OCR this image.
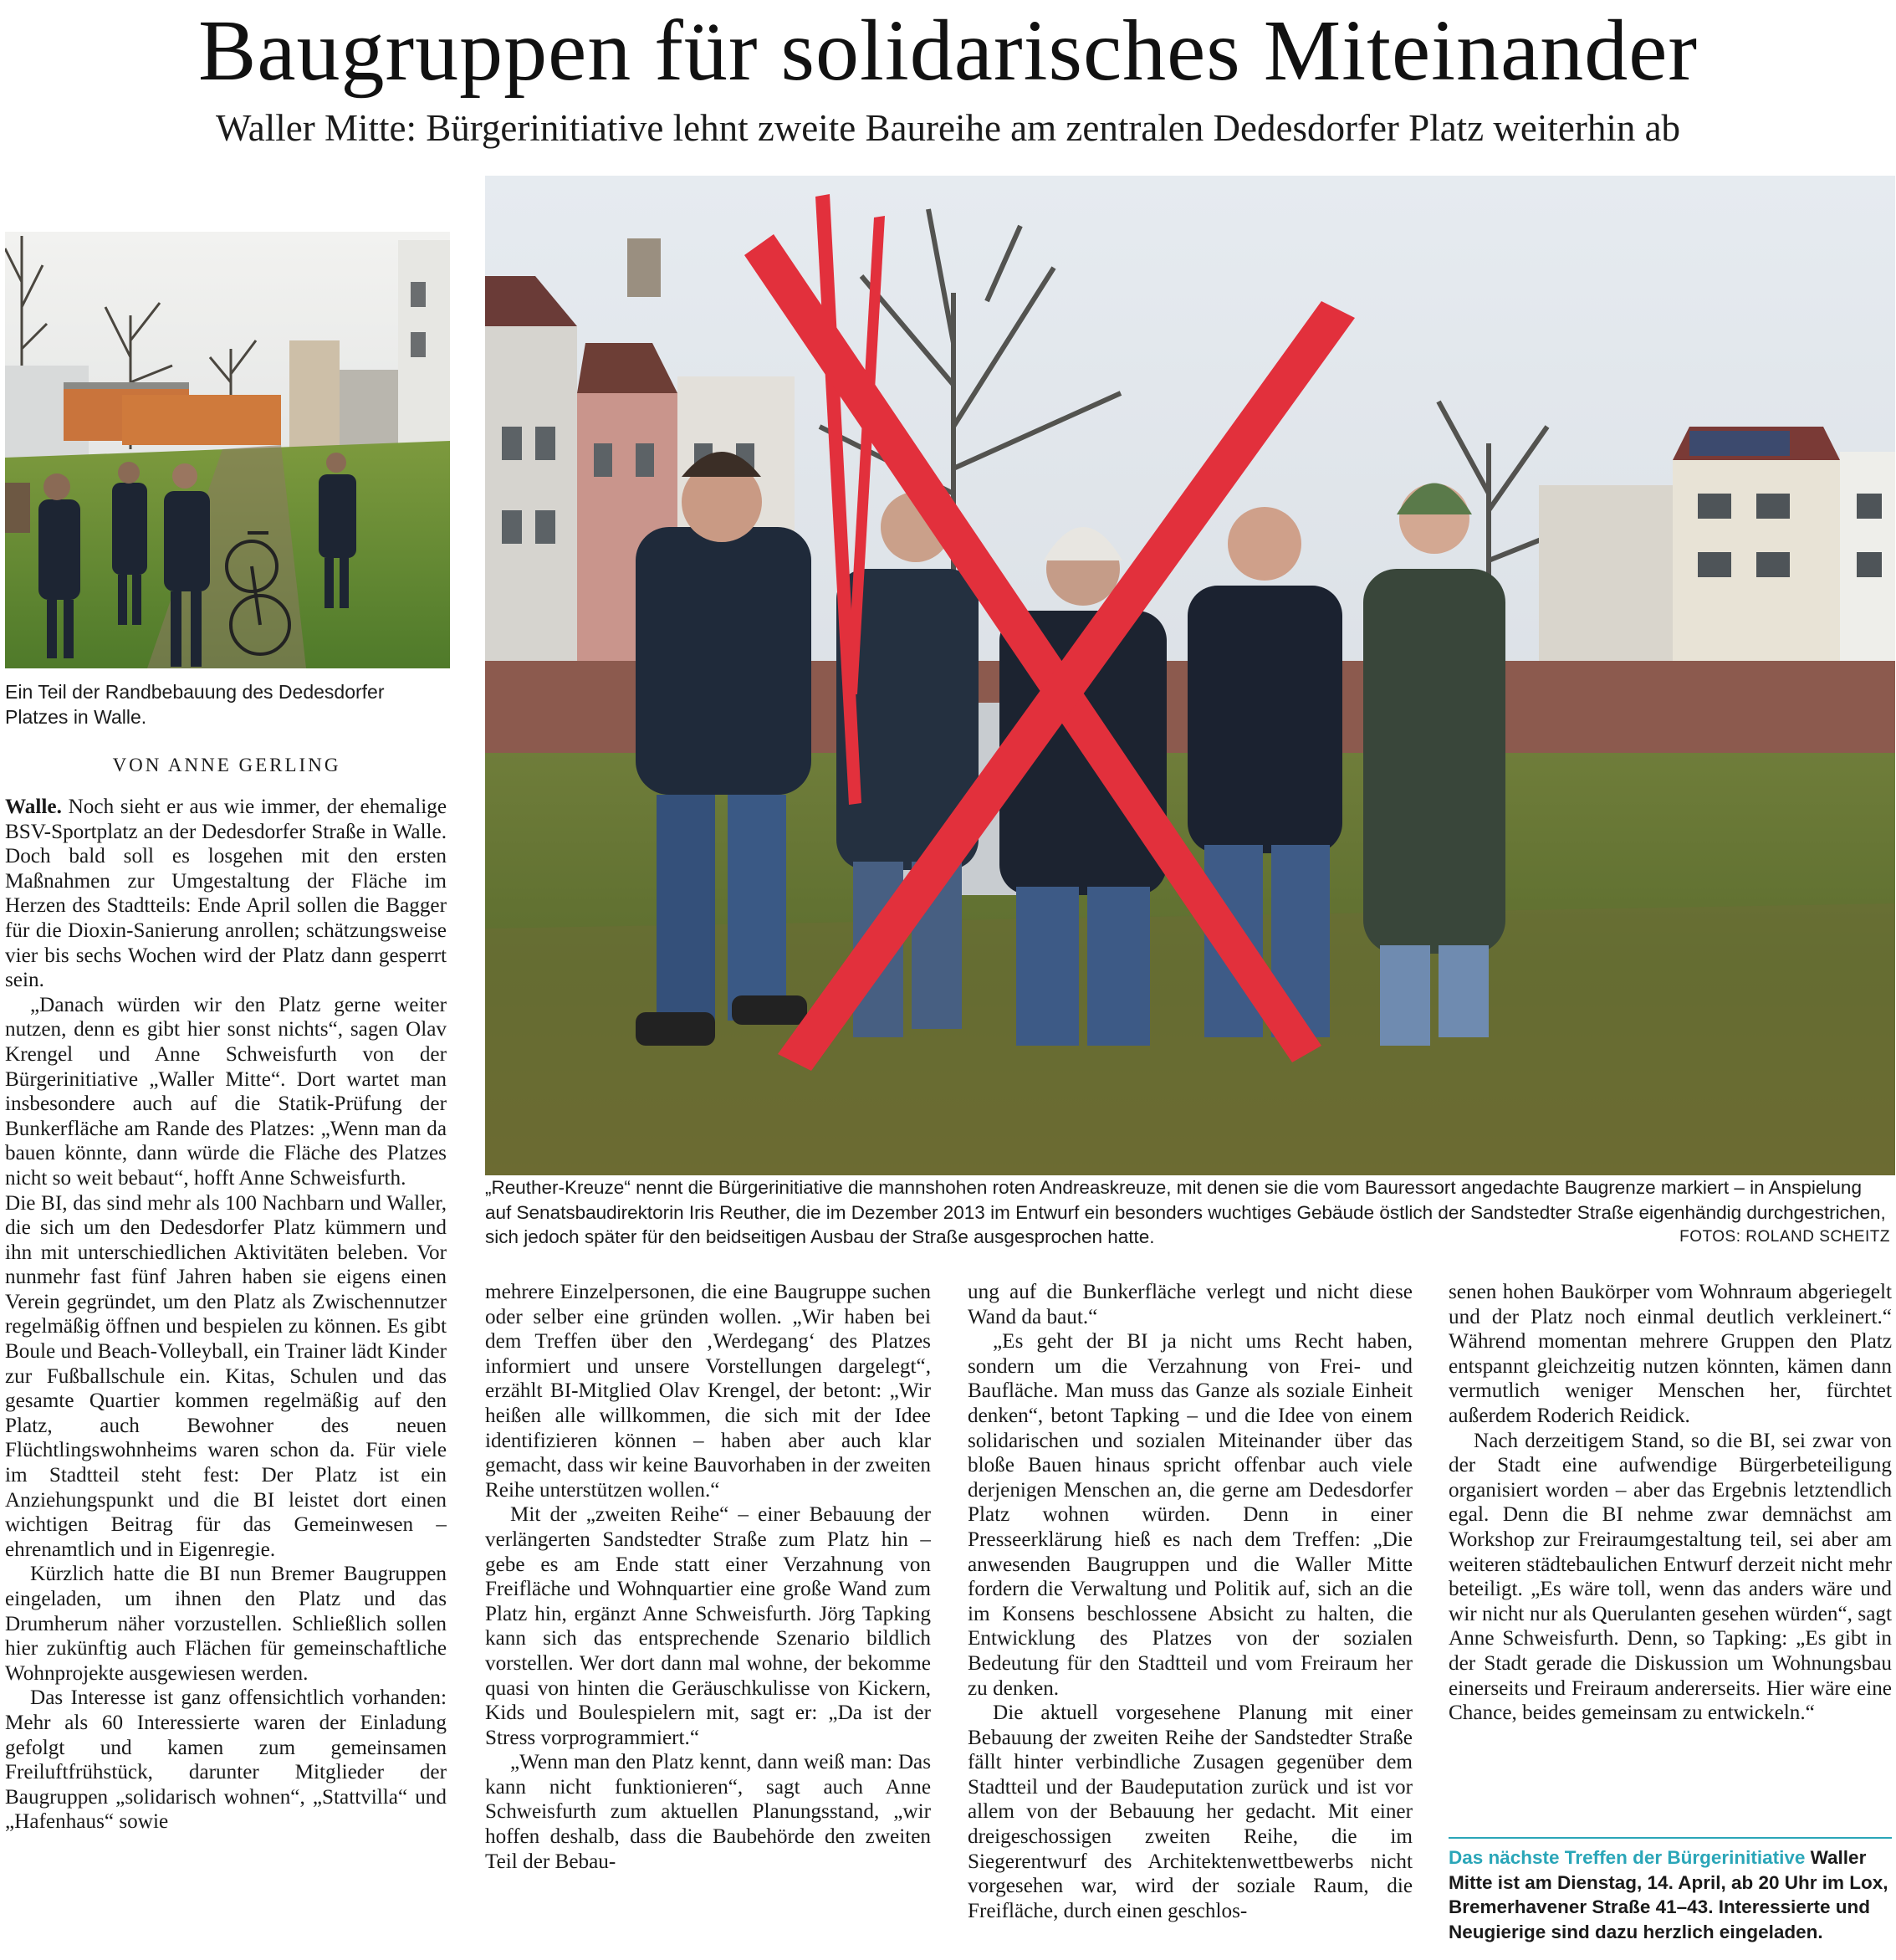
Baugruppen für solidarisches Miteinander
Waller Mitte: Bürgerinitiative lehnt zweite Baureihe am zentralen Dedesdorfer Platz weiterhin ab
Ein Teil der Randbebauung des Dedesdorfer Platzes in Walle.
„Reuther-Kreuze“ nennt die Bürgerinitiative die mannshohen roten Andreaskreuze, mit denen sie die vom Bauressort angedachte Baugrenze markiert – in Anspielung auf Senatsbaudirektorin Iris Reuther, die im Dezember 2013 im Entwurf ein besonders wuchtiges Gebäude östlich der Sandstedter Straße eigenhändig durchgestrichen, sich jedoch später für den beidseitigen Ausbau der Straße ausgesprochen hatte.	FOTOS: ROLAND SCHEITZ
VON ANNE GERLING

Walle. Noch sieht er aus wie immer, der ehemalige BSV-Sportplatz an der Dedesdorfer Straße in Walle. Doch bald soll es losgehen mit den ersten Maßnahmen zur Umgestaltung der Fläche im Herzen des Stadtteils: Ende April sollen die Bagger für die Dioxin-Sanierung anrollen; schätzungsweise vier bis sechs Wochen wird der Platz dann gesperrt sein.

„Danach würden wir den Platz gerne weiter nutzen, denn es gibt hier sonst nichts“, sagen Olav Krengel und Anne Schweisfurth von der Bürgerinitiative „Waller Mitte“. Dort wartet man insbesondere auch auf die Statik-Prüfung der Bunkerfläche am Rande des Platzes: „Wenn man da bauen könnte, dann würde die Fläche des Platzes nicht so weit bebaut“, hofft Anne Schweisfurth.

Die BI, das sind mehr als 100 Nachbarn und Waller, die sich um den Dedesdorfer Platz kümmern und ihn mit unterschiedlichen Aktivitäten beleben. Vor nunmehr fast fünf Jahren haben sie eigens einen Verein gegründet, um den Platz als Zwischennutzer regelmäßig öffnen und bespielen zu können. Es gibt Boule und Beach-Volleyball, ein Trainer lädt Kinder zur Fußballschule ein. Kitas, Schulen und das gesamte Quartier kommen regelmäßig auf den Platz, auch Bewohner des neuen Flüchtlingswohnheims waren schon da. Für viele im Stadtteil steht fest: Der Platz ist ein Anziehungspunkt und die BI leistet dort einen wichtigen Beitrag für das Gemeinwesen – ehrenamtlich und in Eigenregie.

Kürzlich hatte die BI nun Bremer Baugruppen eingeladen, um ihnen den Platz und das Drumherum näher vorzustellen. Schließlich sollen hier zukünftig auch Flächen für gemeinschaftliche Wohnprojekte ausgewiesen werden.

Das Interesse ist ganz offensichtlich vorhanden: Mehr als 60 Interessierte waren der Einladung gefolgt und kamen zum gemeinsamen Freiluftfrühstück, darunter Mitglieder der Baugruppen „solidarisch wohnen“, „Stattvilla“ und „Hafenhaus“ sowie

mehrere Einzelpersonen, die eine Baugruppe suchen oder selber eine gründen wollen. „Wir haben bei dem Treffen über den ‚Werdegang‘ des Platzes informiert und unsere Vorstellungen dargelegt“, erzählt BI-Mitglied Olav Krengel, der betont: „Wir heißen alle willkommen, die sich mit der Idee identifizieren können – haben aber auch klar gemacht, dass wir keine Bauvorhaben in der zweiten Reihe unterstützen wollen.“

Mit der „zweiten Reihe“ – einer Bebauung der verlängerten Sandstedter Straße zum Platz hin – gebe es am Ende statt einer Verzahnung von Freifläche und Wohnquartier eine große Wand zum Platz hin, ergänzt Anne Schweisfurth. Jörg Tapking kann sich das entsprechende Szenario bildlich vorstellen. Wer dort dann mal wohne, der bekomme quasi von hinten die Geräuschkulisse von Kickern, Kids und Boulespielern mit, sagt er: „Da ist der Stress vorprogrammiert.“

„Wenn man den Platz kennt, dann weiß man: Das kann nicht funktionieren“, sagt auch Anne Schweisfurth zum aktuellen Planungsstand, „wir hoffen deshalb, dass die Baubehörde den zweiten Teil der Bebau-

ung auf die Bunkerfläche verlegt und nicht diese Wand da baut.“

„Es geht der BI ja nicht ums Recht haben, sondern um die Verzahnung von Frei- und Baufläche. Man muss das Ganze als soziale Einheit denken“, betont Tapking – und die Idee von einem solidarischen und sozialen Miteinander über das bloße Bauen hinaus spricht offenbar auch viele derjenigen Menschen an, die gerne am Dedesdorfer Platz wohnen würden. Denn in einer Presseerklärung hieß es nach dem Treffen: „Die anwesenden Baugruppen und die Waller Mitte fordern die Verwaltung und Politik auf, sich an die im Konsens beschlossene Absicht zu halten, die Entwicklung des Platzes von der sozialen Bedeutung für den Stadtteil und vom Freiraum her zu denken.

Die aktuell vorgesehene Planung mit einer Bebauung der zweiten Reihe der Sandstedter Straße fällt hinter verbindliche Zusagen gegenüber dem Stadtteil und der Baudeputation zurück und ist vor allem von der Bebauung her gedacht. Mit einer dreigeschossigen zweiten Reihe, die im Siegerentwurf des Architektenwettbewerbs nicht vorgesehen war, wird der soziale Raum, die Freifläche, durch einen geschlos-

senen hohen Baukörper vom Wohnraum abgeriegelt und der Platz noch einmal deutlich verkleinert.“ Während momentan mehrere Gruppen den Platz entspannt gleichzeitig nutzen könnten, kämen dann vermutlich weniger Menschen her, fürchtet außerdem Roderich Reidick.

Nach derzeitigem Stand, so die BI, sei zwar von der Stadt eine aufwendige Bürgerbeteiligung organisiert worden – aber das Ergebnis letztendlich egal. Denn die BI nehme zwar demnächst am Workshop zur Freiraumgestaltung teil, sei aber am weiteren städtebaulichen Entwurf derzeit nicht mehr beteiligt. „Es wäre toll, wenn das anders wäre und wir nicht nur als Querulanten gesehen würden“, sagt Anne Schweisfurth. Denn, so Tapking: „Es gibt in der Stadt gerade die Diskussion um Wohnungsbau einerseits und Freiraum andererseits. Hier wäre eine Chance, beides gemeinsam zu entwickeln.“

Das nächste Treffen der Bürgerinitiative Waller Mitte ist am Dienstag, 14. April, ab 20 Uhr im Lox, Bremerhavener Straße 41–43. Interessierte und Neugierige sind dazu herzlich eingeladen.
